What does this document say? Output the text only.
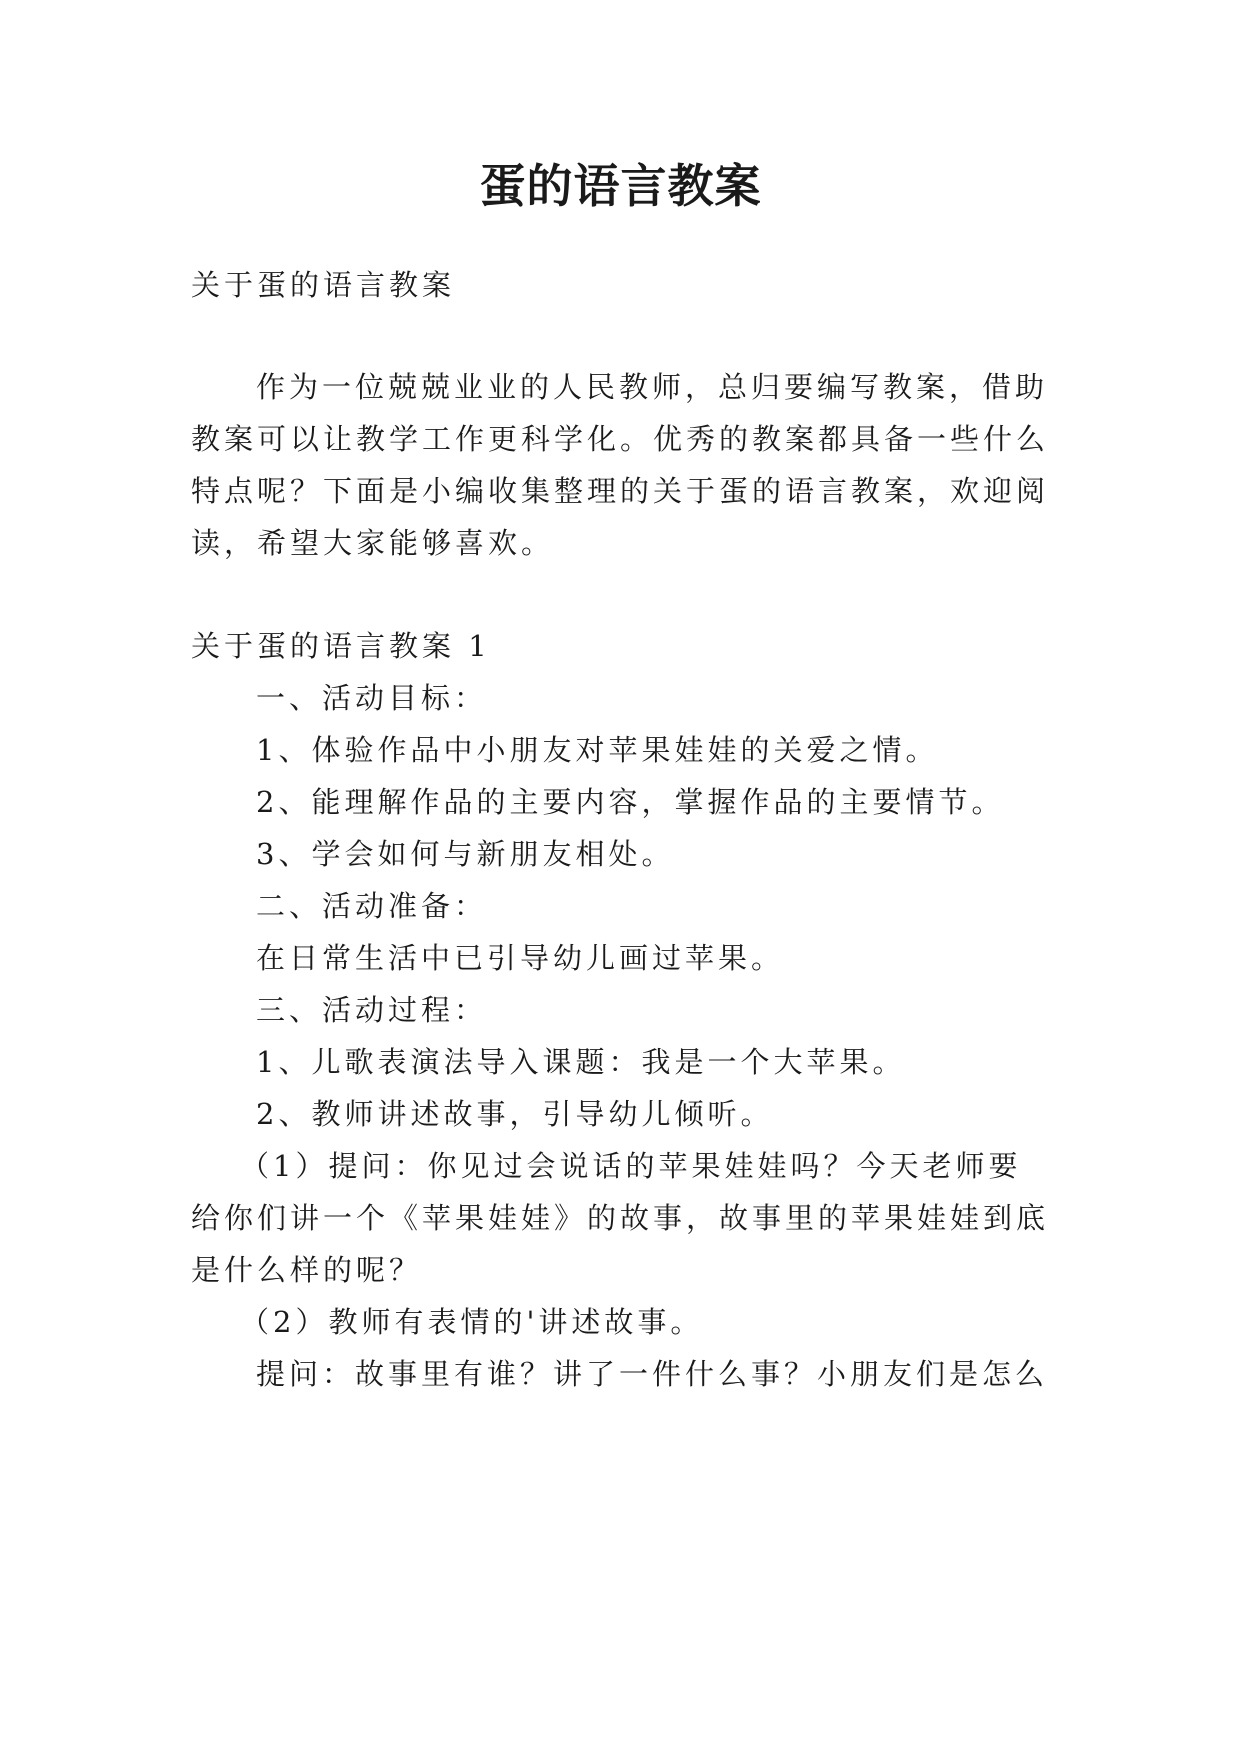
蛋的语言教案
关于蛋的语言教案
作为一位兢兢业业的人民教师，总归要编写教案，借助
教案可以让教学工作更科学化。优秀的教案都具备一些什么
特点呢？下面是小编收集整理的关于蛋的语言教案，欢迎阅
读，希望大家能够喜欢。
关于蛋的语言教案 1
一、活动目标：
1、体验作品中小朋友对苹果娃娃的关爱之情。
2、能理解作品的主要内容，掌握作品的主要情节。
3、学会如何与新朋友相处。
二、活动准备：
在日常生活中已引导幼儿画过苹果。
三、活动过程：
1、儿歌表演法导入课题：我是一个大苹果。
2、教师讲述故事，引导幼儿倾听。
（1）提问：你见过会说话的苹果娃娃吗？今天老师要
给你们讲一个《苹果娃娃》的故事，故事里的苹果娃娃到底
是什么样的呢？
（2）教师有表情的'讲述故事。
提问：故事里有谁？讲了一件什么事？小朋友们是怎么
